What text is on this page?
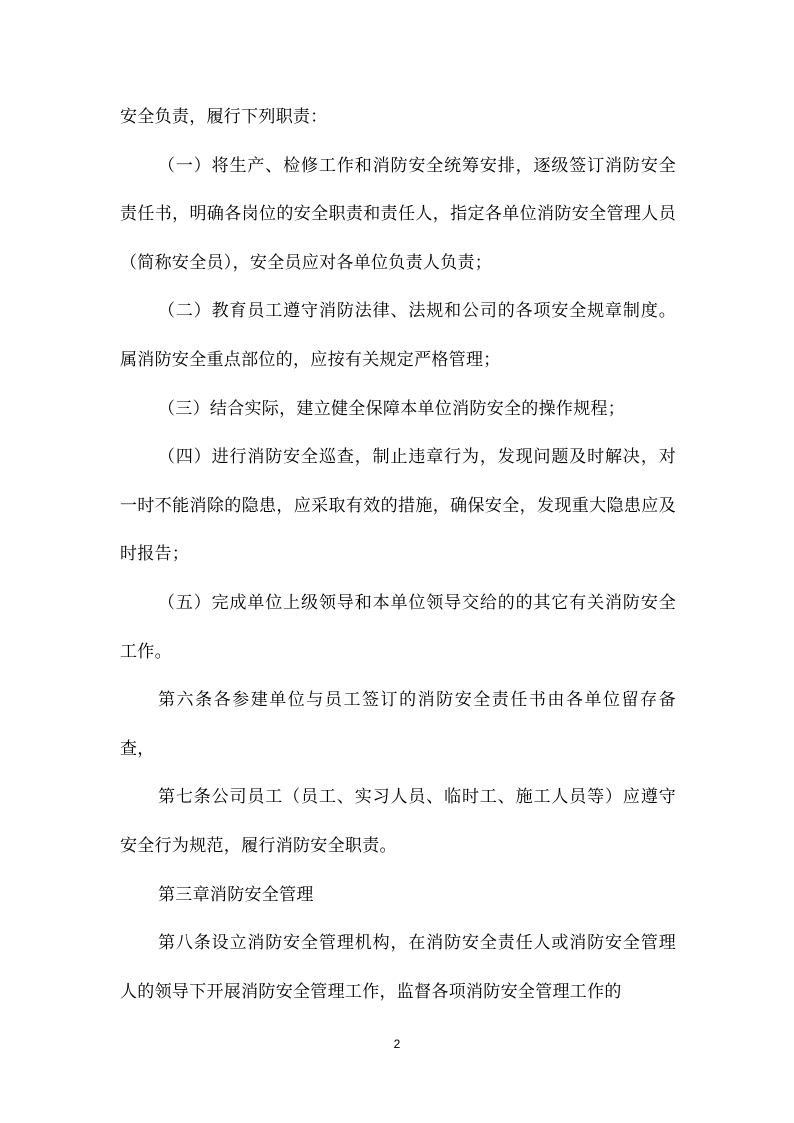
安全负责，履行下列职责：

（一）将生产、检修工作和消防安全统筹安排，逐级签订消防安全责任书，明确各岗位的安全职责和责任人，指定各单位消防安全管理人员（简称安全员），安全员应对各单位负责人负责；

（二）教育员工遵守消防法律、法规和公司的各项安全规章制度。属消防安全重点部位的，应按有关规定严格管理；

（三）结合实际，建立健全保障本单位消防安全的操作规程；

（四）进行消防安全巡查，制止违章行为，发现问题及时解决，对一时不能消除的隐患，应采取有效的措施，确保安全，发现重大隐患应及时报告；

（五）完成单位上级领导和本单位领导交给的的其它有关消防安全工作。

第六条各参建单位与员工签订的消防安全责任书由各单位留存备查，

第七条公司员工（员工、实习人员、临时工、施工人员等）应遵守安全行为规范，履行消防安全职责。

第三章消防安全管理

第八条设立消防安全管理机构，在消防安全责任人或消防安全管理人的领导下开展消防安全管理工作，监督各项消防安全管理工作的

2
